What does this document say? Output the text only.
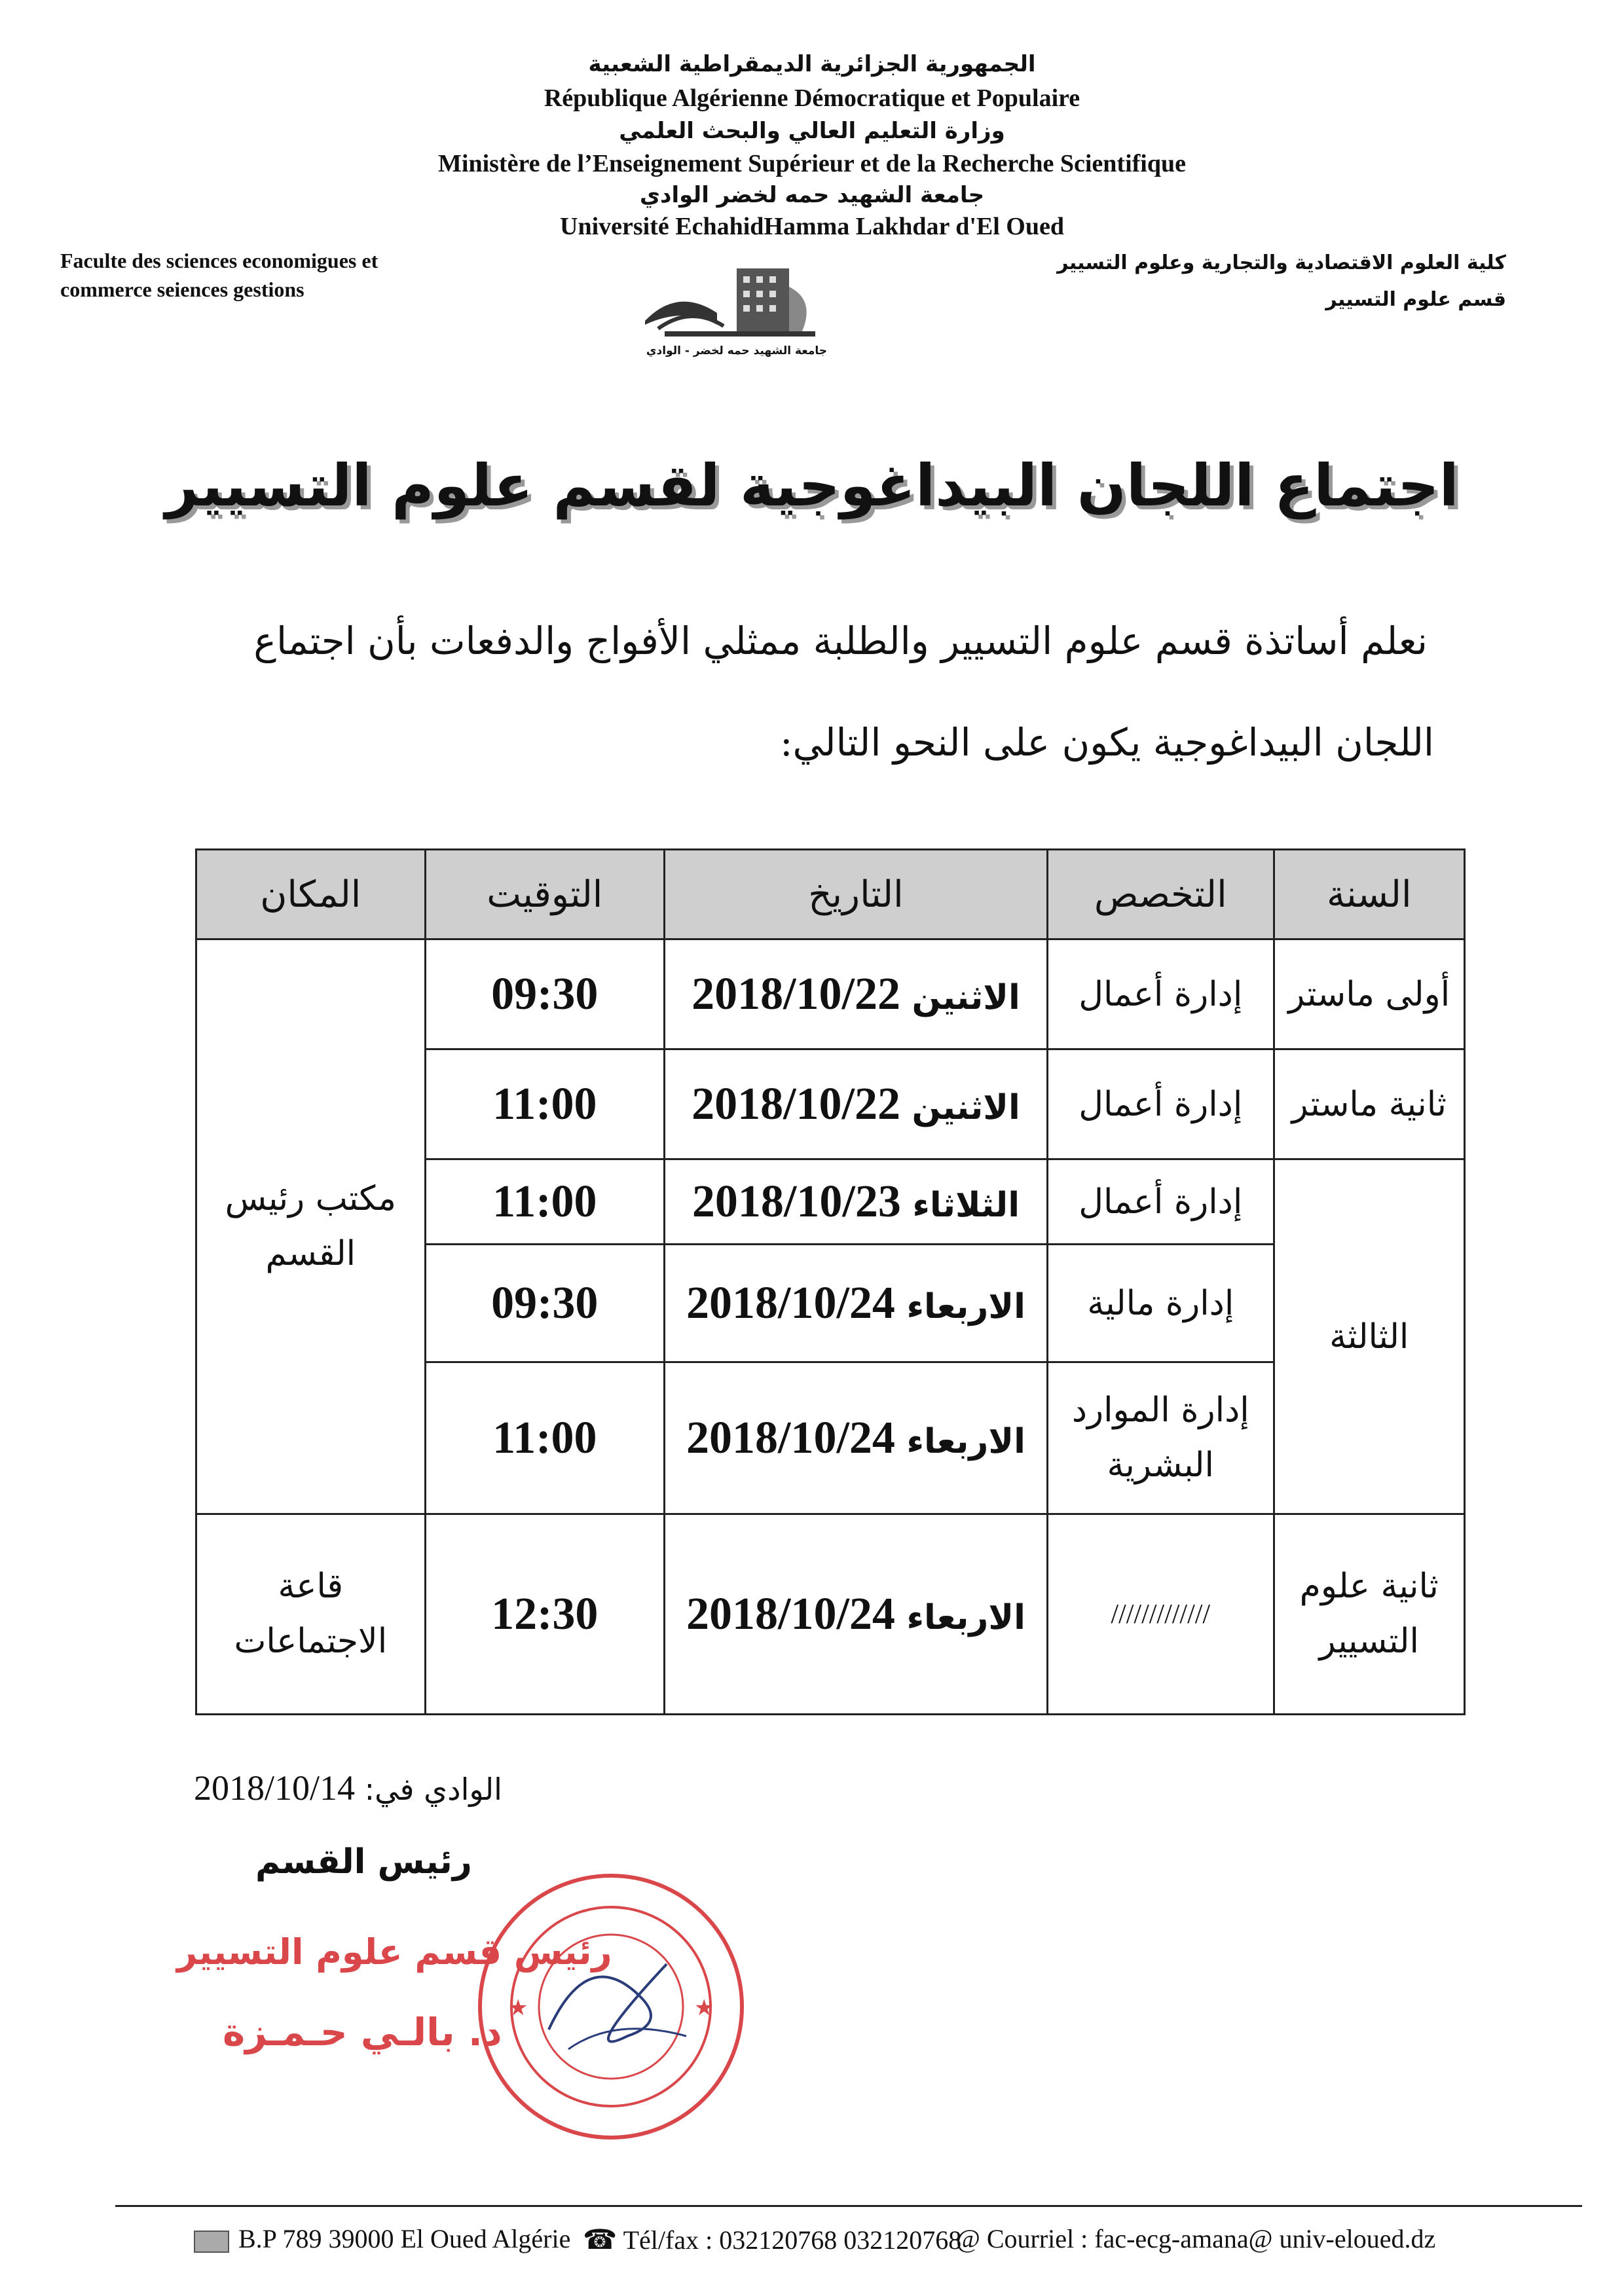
الجمهورية الجزائرية الديمقراطية الشعبية
République Algérienne Démocratique et Populaire
وزارة التعليم العالي والبحث العلمي
Ministère de l’Enseignement Supérieur et de la Recherche Scientifique
جامعة الشهيد حمه لخضر الوادي
Université EchahidHamma Lakhdar d'El Oued
Faculte des sciences economigues et
commerce seiences gestions
كلية العلوم الاقتصادية والتجارية وعلوم التسيير
قسم علوم التسيير
جامعة الشهيد حمه لخضر - الوادي
اجتماع اللجان البيداغوجية لقسم علوم التسيير
نعلم أساتذة قسم علوم التسيير والطلبة ممثلي الأفواج والدفعات بأن اجتماع
اللجان البيداغوجية يكون على النحو التالي:
السنة	التخصص	التاريخ	التوقيت	المكان
أولى ماستر	إدارة أعمال	الاثنين 2018/10/22	09:30	مكتب رئيس القسم
ثانية ماستر	إدارة أعمال	الاثنين 2018/10/22	11:00	
الثالثة	إدارة أعمال	الثلاثاء 2018/10/23	11:00	
	إدارة مالية	الاربعاء 2018/10/24	09:30	
	إدارة الموارد البشرية	الاربعاء 2018/10/24	11:00	
ثانية علوم التسيير	/////////////	الاربعاء 2018/10/24	12:30	قاعة الاجتماعات
الوادي في: 2018/10/14
رئيس القسم
★	★
رئيس قسم علوم التسيير
د. بالـي حـمـزة
B.P 789 39000 El Oued Algérie ☎ Tél/fax : 032120768 032120768
@ Courriel : fac-ecg-amana@ univ-eloued.dz
